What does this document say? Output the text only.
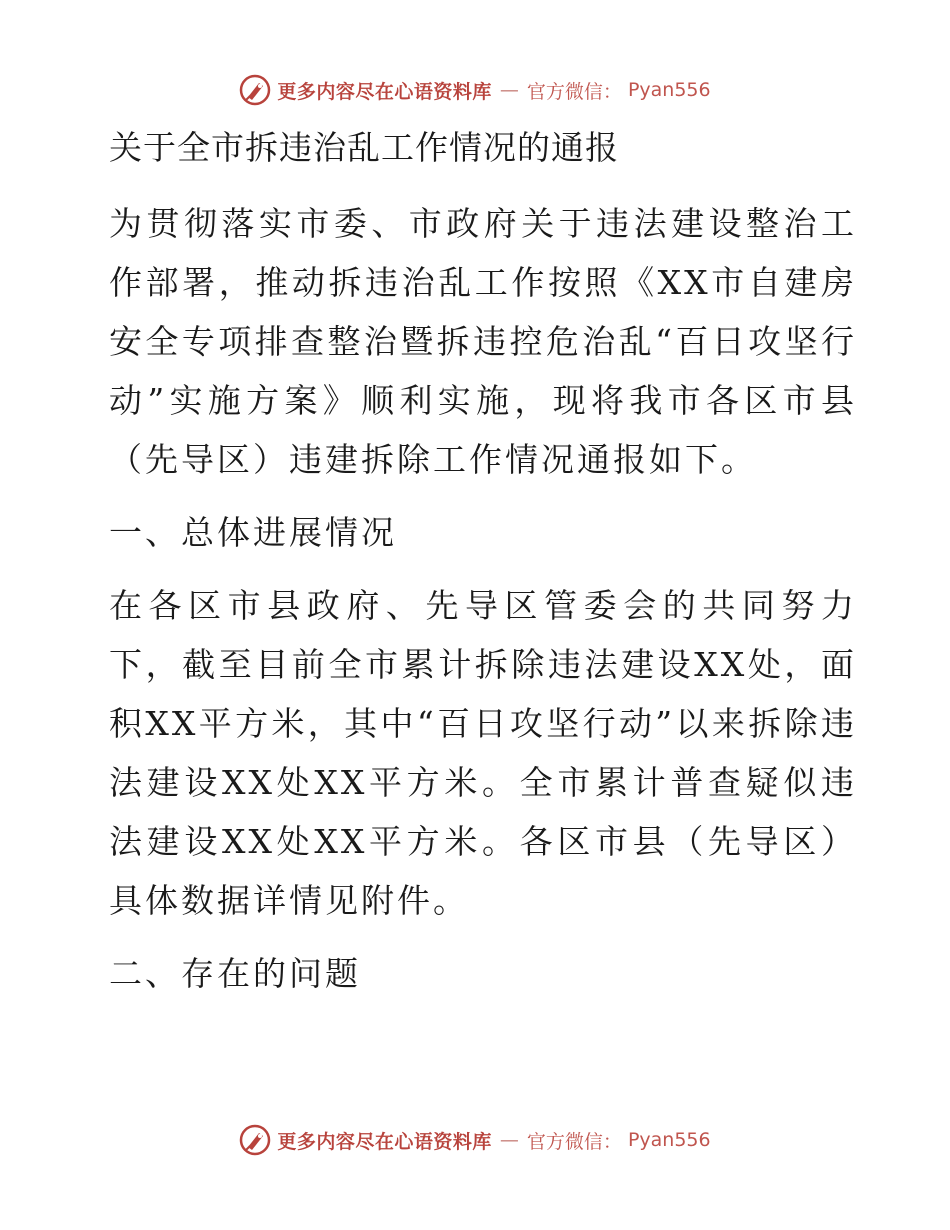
更多内容尽在心语资料库 — 官方微信： Pyan556
关于全市拆违治乱工作情况的通报

为贯彻落实市委、市政府关于违法建设整治工作部署，推动拆违治乱工作按照《XX市自建房安全专项排查整治暨拆违控危治乱“百日攻坚行动”实施方案》顺利实施，现将我市各区市县（先导区）违建拆除工作情况通报如下。

一、总体进展情况

在各区市县政府、先导区管委会的共同努力下，截至目前全市累计拆除违法建设XX处，面积XX平方米，其中“百日攻坚行动”以来拆除违法建设XX处XX平方米。全市累计普查疑似违法建设XX处XX平方米。各区市县（先导区）具体数据详情见附件。

二、存在的问题

更多内容尽在心语资料库 — 官方微信： Pyan556
